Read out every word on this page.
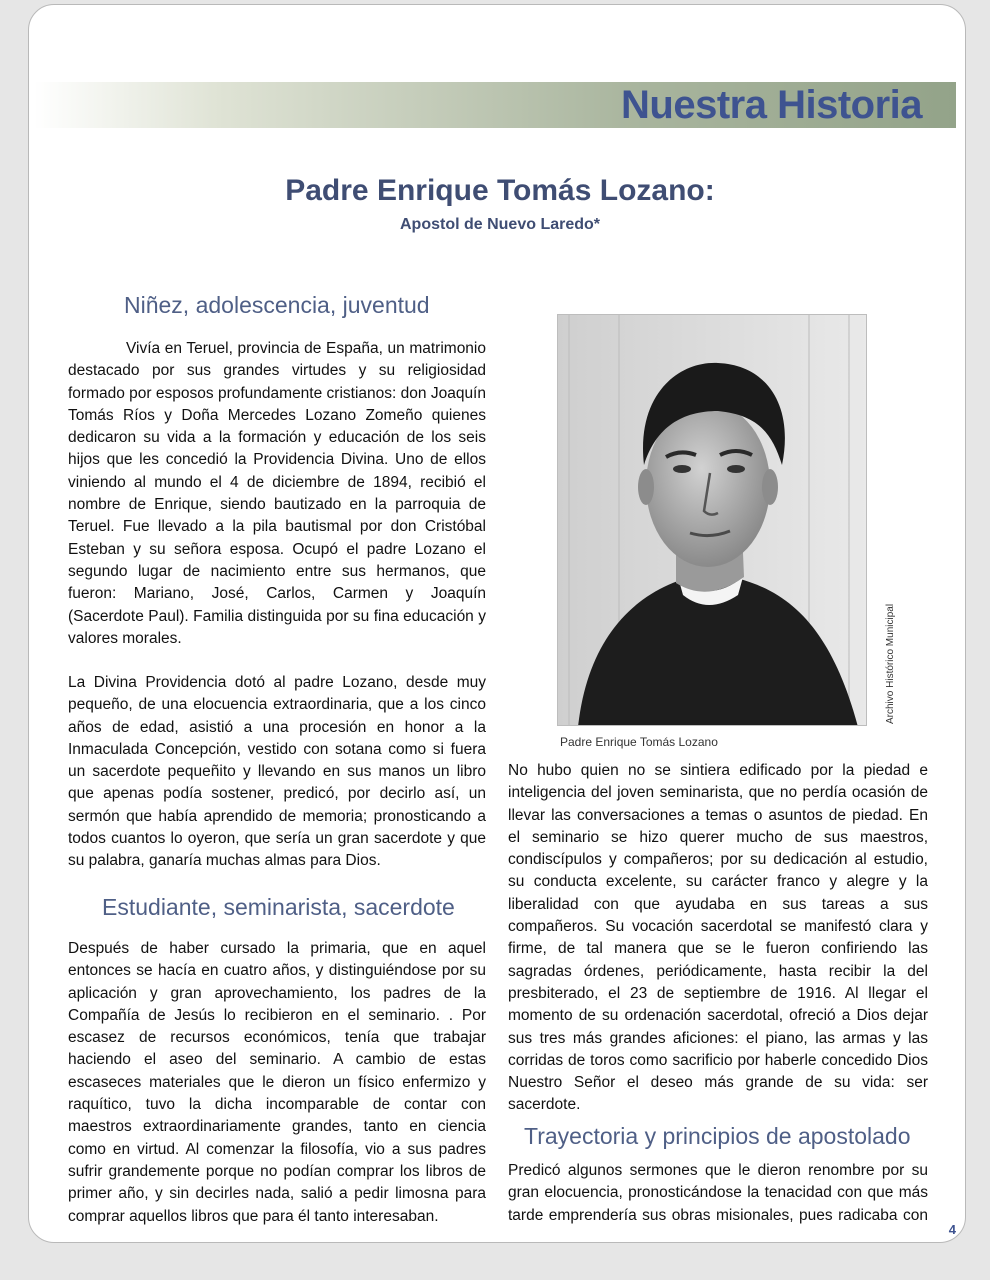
Nuestra Historia
Padre Enrique Tomás Lozano:
Apostol de Nuevo Laredo*
Niñez, adolescencia, juventud

Vivía en Teruel, provincia de España, un matrimonio destacado por sus grandes virtudes y su religiosidad formado por esposos profundamente cristianos: don Joaquín Tomás Ríos y Doña Mercedes Lozano Zomeño quienes dedicaron su vida a la formación y educación de los seis hijos que les concedió la Providencia Divina. Uno de ellos viniendo al mundo el 4 de diciembre de 1894, recibió el nombre de Enrique, siendo bautizado en la parroquia de Teruel. Fue llevado a la pila bautismal por don Cristóbal Esteban y su señora esposa. Ocupó el padre Lozano el segundo lugar de nacimiento entre sus hermanos, que fueron: Mariano, José, Carlos, Carmen y Joaquín (Sacerdote Paul). Familia distinguida por su fina educación y valores morales.

La Divina Providencia dotó al padre Lozano, desde muy pequeño, de una elocuencia extraordinaria, que a los cinco años de edad, asistió a una procesión en honor a la Inmaculada Concepción, vestido con sotana como si fuera un sacerdote pequeñito y llevando en sus manos un libro que apenas podía sostener, predicó, por decirlo así, un sermón que había aprendido de memoria; pronosticando a todos cuantos lo oyeron, que sería un gran sacerdote y que su palabra, ganaría muchas almas para Dios.

Estudiante, seminarista, sacerdote

Después de haber cursado la primaria, que en aquel entonces se hacía en cuatro años, y distinguiéndose por su aplicación y gran aprovechamiento, los padres de la Compañía de Jesús lo recibieron en el seminario. . Por escasez de recursos económicos, tenía que trabajar haciendo el aseo del seminario. A cambio de estas escaseces materiales que le dieron un físico enfermizo y raquítico, tuvo la dicha incomparable de contar con maestros extraordinariamente grandes, tanto en ciencia como en virtud. Al comenzar la filosofía, vio a sus padres sufrir grandemente porque no podían comprar los libros de primer año, y sin decirles nada, salió a pedir limosna para comprar aquellos libros que para él tanto interesaban.

Archivo Histórico Municipal
Padre Enrique Tomás Lozano

No hubo quien no se sintiera edificado por la piedad e inteligencia del joven seminarista, que no perdía ocasión de llevar las conversaciones a temas o asuntos de piedad. En el seminario se hizo querer mucho de sus maestros, condiscípulos y compañeros; por su dedicación al estudio, su conducta excelente, su carácter franco y alegre y la liberalidad con que ayudaba en sus tareas a sus compañeros. Su vocación sacerdotal se manifestó clara y firme, de tal manera que se le fueron confiriendo las sagradas órdenes, periódicamente, hasta recibir la del presbiterado, el 23 de septiembre de 1916. Al llegar el momento de su ordenación sacerdotal, ofreció a Dios dejar sus tres más grandes aficiones: el piano, las armas y las corridas de toros como sacrificio por haberle concedido Dios Nuestro Señor el deseo más grande de su vida: ser sacerdote.

Trayectoria y principios de apostolado

Predicó algunos sermones que le dieron renombre por su gran elocuencia, pronosticándose la tenacidad con que más tarde emprendería sus obras misionales, pues radicaba con

4
